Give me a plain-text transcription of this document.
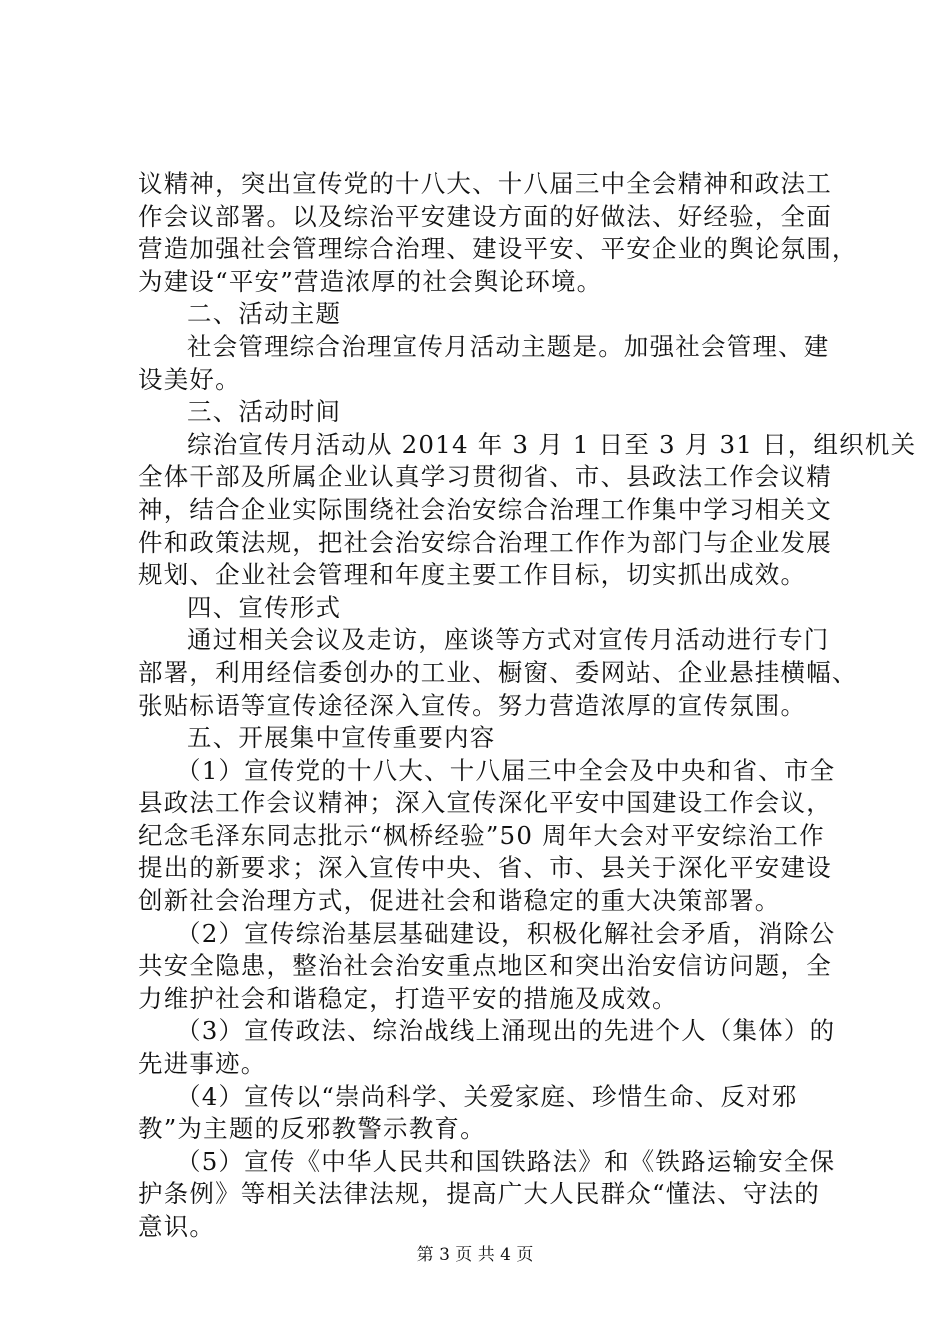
议精神，突出宣传党的十八大、十八届三中全会精神和政法工
作会议部署。以及综治平安建设方面的好做法、好经验，全面
营造加强社会管理综合治理、建设平安、平安企业的舆论氛围，
为建设“平安”营造浓厚的社会舆论环境。
二、活动主题
社会管理综合治理宣传月活动主题是。加强社会管理、建
设美好。
三、活动时间
综治宣传月活动从 2014 年 3 月 1 日至 3 月 31 日，组织机关
全体干部及所属企业认真学习贯彻省、市、县政法工作会议精
神，结合企业实际围绕社会治安综合治理工作集中学习相关文
件和政策法规，把社会治安综合治理工作作为部门与企业发展
规划、企业社会管理和年度主要工作目标，切实抓出成效。
四、宣传形式
通过相关会议及走访，座谈等方式对宣传月活动进行专门
部署，利用经信委创办的工业、橱窗、委网站、企业悬挂横幅、
张贴标语等宣传途径深入宣传。努力营造浓厚的宣传氛围。
五、开展集中宣传重要内容
（1）宣传党的十八大、十八届三中全会及中央和省、市全
县政法工作会议精神；深入宣传深化平安中国建设工作会议，
纪念毛泽东同志批示“枫桥经验”50 周年大会对平安综治工作
提出的新要求；深入宣传中央、省、市、县关于深化平安建设
创新社会治理方式，促进社会和谐稳定的重大决策部署。
（2）宣传综治基层基础建设，积极化解社会矛盾，消除公
共安全隐患，整治社会治安重点地区和突出治安信访问题，全
力维护社会和谐稳定，打造平安的措施及成效。
（3）宣传政法、综治战线上涌现出的先进个人（集体）的
先进事迹。
（4）宣传以“崇尚科学、关爱家庭、珍惜生命、反对邪
教”为主题的反邪教警示教育。
（5）宣传《中华人民共和国铁路法》和《铁路运输安全保
护条例》等相关法律法规，提高广大人民群众“懂法、守法的
意识。
第 3 页 共 4 页
